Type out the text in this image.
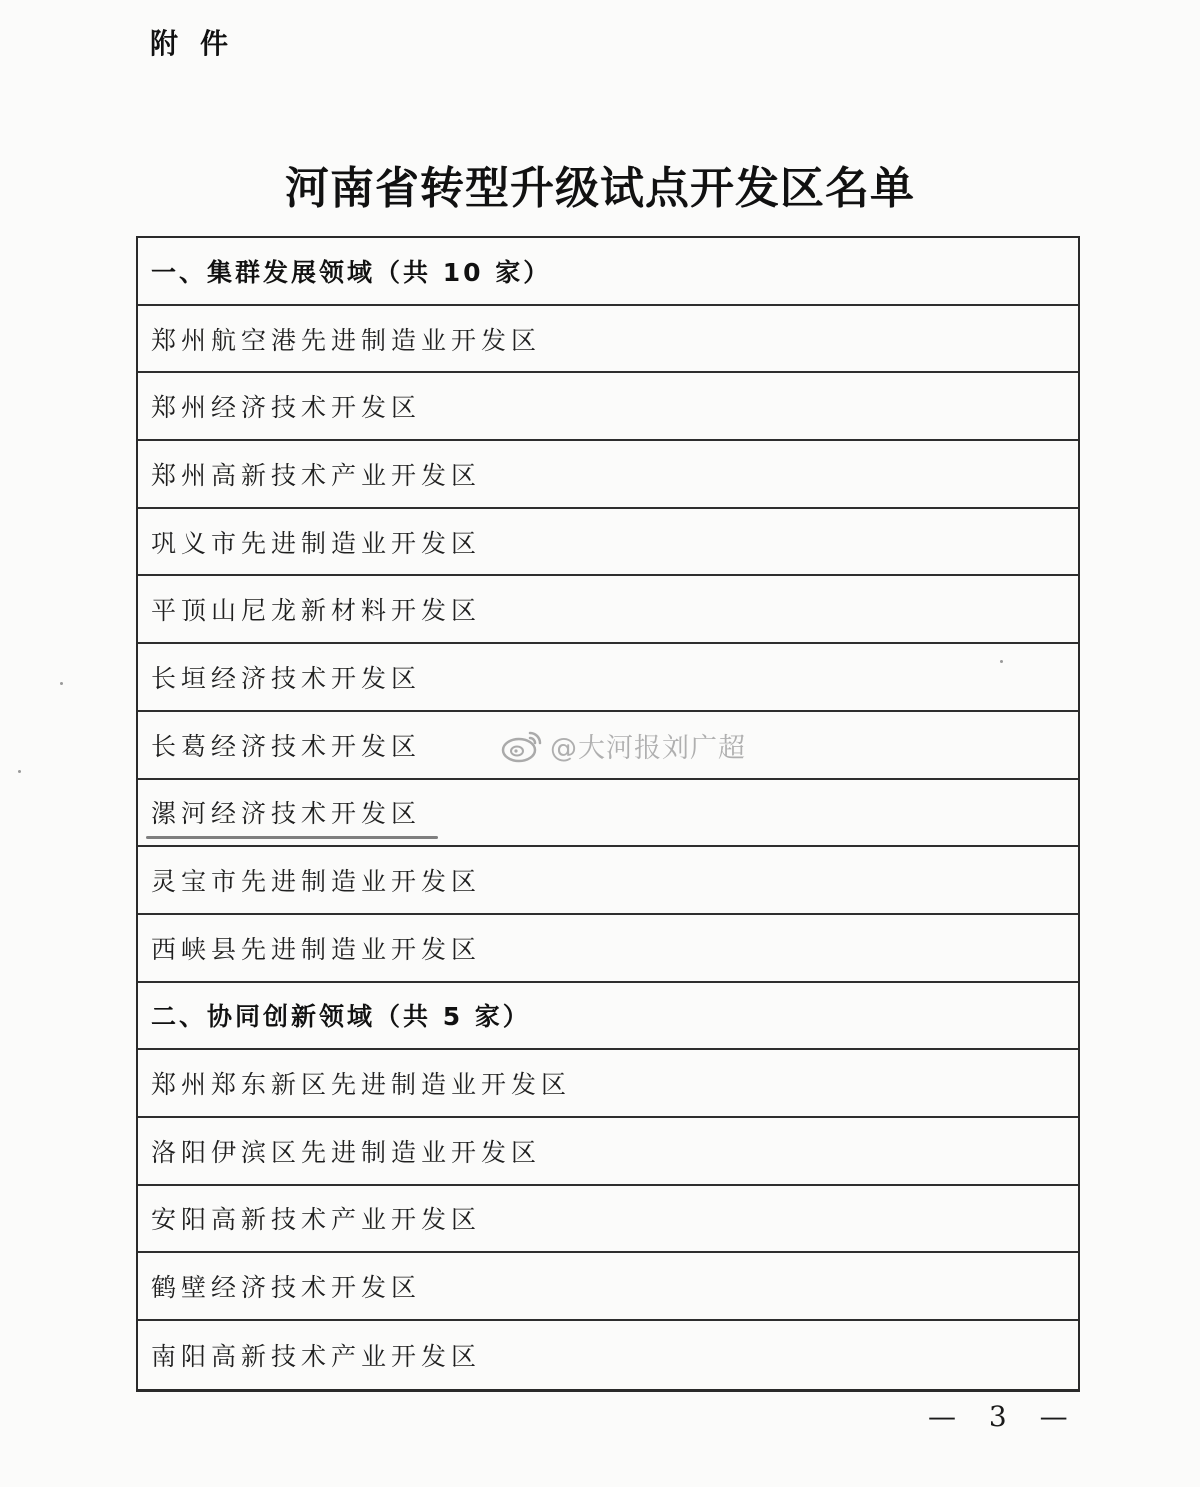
附件
河南省转型升级试点开发区名单
一、集群发展领域（共 10 家）
郑州航空港先进制造业开发区
郑州经济技术开发区
郑州高新技术产业开发区
巩义市先进制造业开发区
平顶山尼龙新材料开发区
长垣经济技术开发区
长葛经济技术开发区
漯河经济技术开发区
灵宝市先进制造业开发区
西峡县先进制造业开发区
二、协同创新领域（共 5 家）
郑州郑东新区先进制造业开发区
洛阳伊滨区先进制造业开发区
安阳高新技术产业开发区
鹤壁经济技术开发区
南阳高新技术产业开发区
@大河报刘广超
— 3 —
